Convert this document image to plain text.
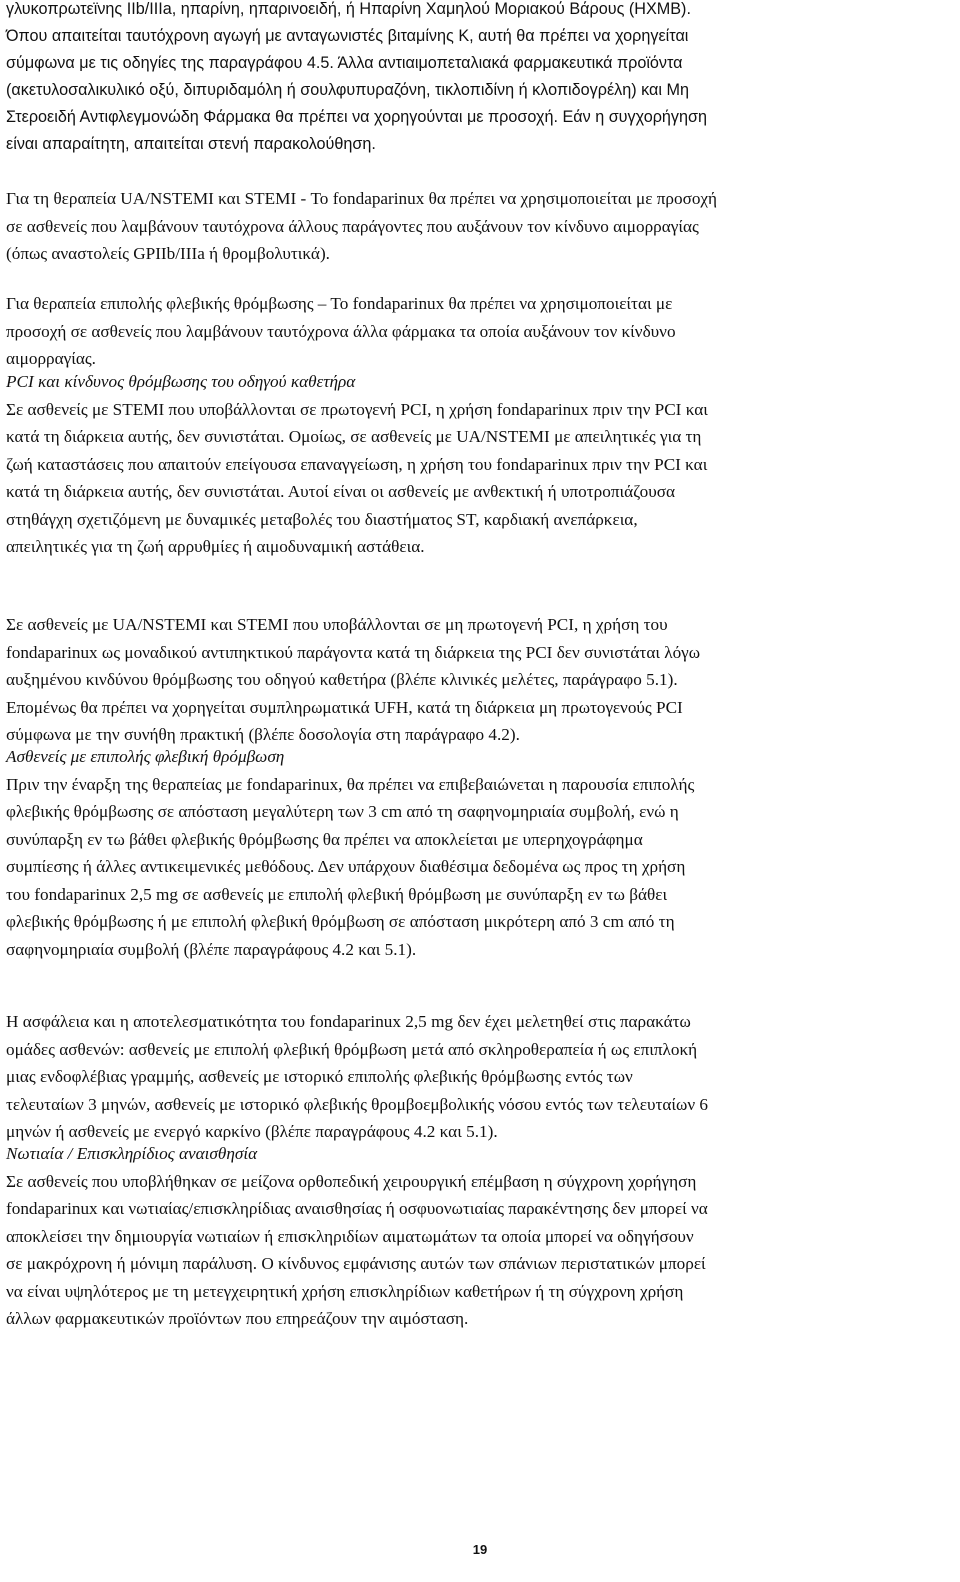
γλυκοπρωτεϊνης IIb/IIIa, ηπαρίνη, ηπαρινοειδή, ή Ηπαρίνη Χαμηλού Μοριακού Βάρους (ΗΧΜΒ).
Όπου απαιτείται ταυτόχρονη αγωγή με ανταγωνιστές βιταμίνης Κ, αυτή θα πρέπει να χορηγείται
σύμφωνα με τις οδηγίες της παραγράφου 4.5. Άλλα αντιαιμοπεταλιακά φαρμακευτικά προϊόντα
(ακετυλοσαλικυλικό οξύ, διπυριδαμόλη ή σουλφυπυραζόνη, τικλοπιδίνη ή κλοπιδογρέλη) και Μη
Στεροειδή Αντιφλεγμονώδη Φάρμακα θα πρέπει να χορηγούνται με προσοχή. Εάν η συγχορήγηση
είναι απαραίτητη, απαιτείται στενή παρακολούθηση.

Για τη θεραπεία UA/NSTEMI και STEMI - Το fondaparinux θα πρέπει να χρησιμοποιείται με προσοχή
σε ασθενείς που λαμβάνουν ταυτόχρονα άλλους παράγοντες που αυξάνουν τον κίνδυνο αιμορραγίας
(όπως αναστολείς GPIIb/IIIa ή θρομβολυτικά).

Για θεραπεία επιπολής φλεβικής θρόμβωσης – Το fondaparinux θα πρέπει να χρησιμοποιείται με
προσοχή σε ασθενείς που λαμβάνουν ταυτόχρονα άλλα φάρμακα τα οποία αυξάνουν τον κίνδυνο
αιμορραγίας.

PCI και κίνδυνος θρόμβωσης του οδηγού καθετήρα
Σε ασθενείς με STEMI που υποβάλλονται σε πρωτογενή PCI, η χρήση fondaparinux πριν την PCI και
κατά τη διάρκεια αυτής, δεν συνιστάται. Ομοίως, σε ασθενείς με UA/NSTEMI με απειλητικές για τη
ζωή καταστάσεις που απαιτούν επείγουσα επαναγγείωση, η χρήση του fondaparinux πριν την PCI και
κατά τη διάρκεια αυτής, δεν συνιστάται. Αυτοί είναι οι ασθενείς με ανθεκτική ή υποτροπιάζουσα
στηθάγχη σχετιζόμενη με δυναμικές μεταβολές του διαστήματος ST, καρδιακή ανεπάρκεια,
απειλητικές για τη ζωή αρρυθμίες ή αιμοδυναμική αστάθεια.

Σε ασθενείς με UA/NSTEMI και STEMI που υποβάλλονται σε μη πρωτογενή PCI, η χρήση του
fondaparinux ως μοναδικού αντιπηκτικού παράγοντα κατά τη διάρκεια της PCI δεν συνιστάται λόγω
αυξημένου κινδύνου θρόμβωσης του οδηγού καθετήρα (βλέπε κλινικές μελέτες, παράγραφο 5.1).
Επομένως θα πρέπει να χορηγείται συμπληρωματικά UFH, κατά τη διάρκεια μη πρωτογενούς PCI
σύμφωνα με την συνήθη πρακτική (βλέπε δοσολογία στη παράγραφο 4.2).

Ασθενείς με επιπολής φλεβική θρόμβωση
Πριν την έναρξη της θεραπείας με fondaparinux, θα πρέπει να επιβεβαιώνεται η παρουσία επιπολής
φλεβικής θρόμβωσης σε απόσταση μεγαλύτερη των 3 cm από τη σαφηνομηριαία συμβολή, ενώ η
συνύπαρξη εν τω βάθει φλεβικής θρόμβωσης θα πρέπει να αποκλείεται με υπερηχογράφημα
συμπίεσης ή άλλες αντικειμενικές μεθόδους. Δεν υπάρχουν διαθέσιμα δεδομένα ως προς τη χρήση
του fondaparinux 2,5 mg σε ασθενείς με επιπολή φλεβική θρόμβωση με συνύπαρξη εν τω βάθει
φλεβικής θρόμβωσης ή με επιπολή φλεβική θρόμβωση σε απόσταση μικρότερη από 3 cm από τη
σαφηνομηριαία συμβολή (βλέπε παραγράφους 4.2 και 5.1).

Η ασφάλεια και η αποτελεσματικότητα του fondaparinux 2,5 mg δεν έχει μελετηθεί στις παρακάτω
ομάδες ασθενών: ασθενείς με επιπολή φλεβική θρόμβωση μετά από σκληροθεραπεία ή ως επιπλοκή
μιας ενδοφλέβιας γραμμής, ασθενείς με ιστορικό επιπολής φλεβικής θρόμβωσης εντός των
τελευταίων 3 μηνών, ασθενείς με ιστορικό φλεβικής θρομβοεμβολικής νόσου εντός των τελευταίων 6
μηνών ή ασθενείς με ενεργό καρκίνο (βλέπε παραγράφους 4.2 και 5.1).

Νωτιαία / Επισκληρίδιος αναισθησία
Σε ασθενείς που υποβλήθηκαν σε μείζονα ορθοπεδική χειρουργική επέμβαση η σύγχρονη χορήγηση
fondaparinux και νωτιαίας/επισκληρίδιας αναισθησίας ή οσφυονωτιαίας παρακέντησης δεν μπορεί να
αποκλείσει την δημιουργία νωτιαίων ή επισκληριδίων αιματωμάτων τα οποία μπορεί να οδηγήσουν
σε μακρόχρονη ή μόνιμη παράλυση. Ο κίνδυνος εμφάνισης αυτών των σπάνιων περιστατικών μπορεί
να είναι υψηλότερος με τη μετεγχειρητική χρήση επισκληρίδιων καθετήρων ή τη σύγχρονη χρήση
άλλων φαρμακευτικών προϊόντων που επηρεάζουν την αιμόσταση.

19
